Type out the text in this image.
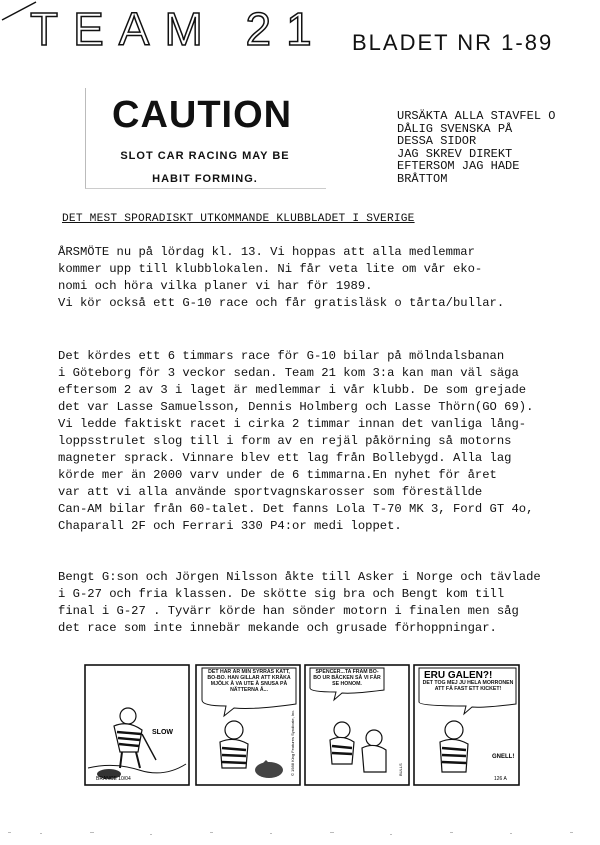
TEAM 21 BLADET NR 1-89
CAUTION
SLOT CAR RACING MAY BE
HABIT FORMING.
URSÄKTA ALLA STAVFEL O
DÅLIG SVENSKA PÅ
DESSA SIDOR
JAG SKREV DIREKT
EFTERSOM JAG HADE
BRÅTTOM
DET MEST SPORADISKT UTKOMMANDE KLUBBLADET I SVERIGE
ÅRSMÖTE nu på lördag kl. 13. Vi hoppas att alla medlemmar
kommer upp till klubblokalen. Ni får veta lite om vår eko-
nomi och höra vilka planer vi har för 1989.
Vi kör också ett G-10 race och får gratisläsk o tårta/bullar.
Det kördes ett 6 timmars race för G-10 bilar på mölndalsbanan
i Göteborg för 3 veckor sedan. Team 21 kom 3:a kan man väl säga
eftersom 2 av 3 i laget är medlemmar i vår klubb. De som grejade
det var Lasse Samuelsson, Dennis Holmberg och Lasse Thörn(GO 69).
Vi ledde faktiskt racet i cirka 2 timmar innan det vanliga lång-
loppsstrulet slog till i form av en rejäl påkörning så motorns
magneter sprack. Vinnare blev ett lag från Bollebygd. Alla lag
körde mer än 2000 varv under de 6 timmarna.En nyhet för året
var att vi alla använde sportvagnskarosser som föreställde
Can-AM bilar från 60-talet. Det fanns Lola T-70 MK 3, Ford GT 4o,
Chaparall 2F och Ferrari 330 P4:or medi loppet.
Bengt G:son och Jörgen Nilsson åkte till Asker i Norge och tävlade
i G-27 och fria klassen. De skötte sig bra och Bengt kom till
final i G-27 . Tyvärr körde han sönder motorn i finalen men såg
det race som inte innebär mekande och grusade förhoppningar.
SLOW
BRANCE 10/04
DET HÄR ÄR MIN SYRRAS KATT, BO-BO. HAN GILLAR ATT KRÄKA MJÖLK Å VA UTE Å SNUSA PÅ NÄTTERNA Å...
© 1988 King Features Syndicate, Inc.
SPENCER...TA FRAM BO-BO UR BÄCKEN SÅ VI FÅR SE HONOM.
BULLS
ERU GALEN?!
DET TOG MEJ JU HELA MORRONEN ATT FÅ FAST ETT KICKET!
GNELL!
126 A
